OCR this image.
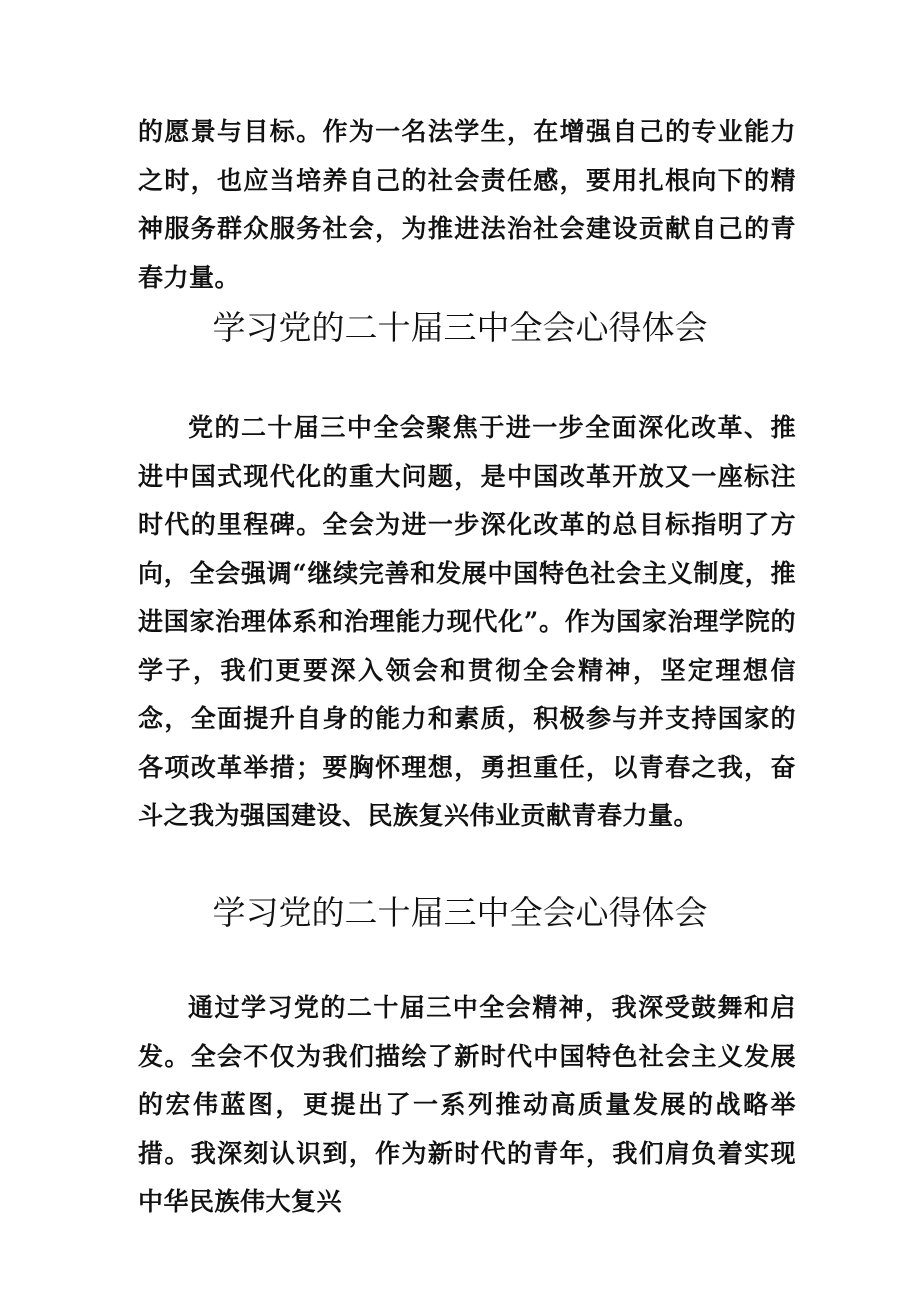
的愿景与目标。作为一名法学生，在增强自己的专业能力之时，也应当培养自己的社会责任感，要用扎根向下的精神服务群众服务社会，为推进法治社会建设贡献自己的青春力量。

学习党的二十届三中全会心得体会

党的二十届三中全会聚焦于进一步全面深化改革、推进中国式现代化的重大问题，是中国改革开放又一座标注时代的里程碑。全会为进一步深化改革的总目标指明了方向，全会强调“继续完善和发展中国特色社会主义制度，推进国家治理体系和治理能力现代化”。作为国家治理学院的学子，我们更要深入领会和贯彻全会精神，坚定理想信念，全面提升自身的能力和素质，积极参与并支持国家的各项改革举措；要胸怀理想，勇担重任，以青春之我，奋斗之我为强国建设、民族复兴伟业贡献青春力量。

学习党的二十届三中全会心得体会

通过学习党的二十届三中全会精神，我深受鼓舞和启发。全会不仅为我们描绘了新时代中国特色社会主义发展的宏伟蓝图，更提出了一系列推动高质量发展的战略举措。我深刻认识到，作为新时代的青年，我们肩负着实现中华民族伟大复兴
